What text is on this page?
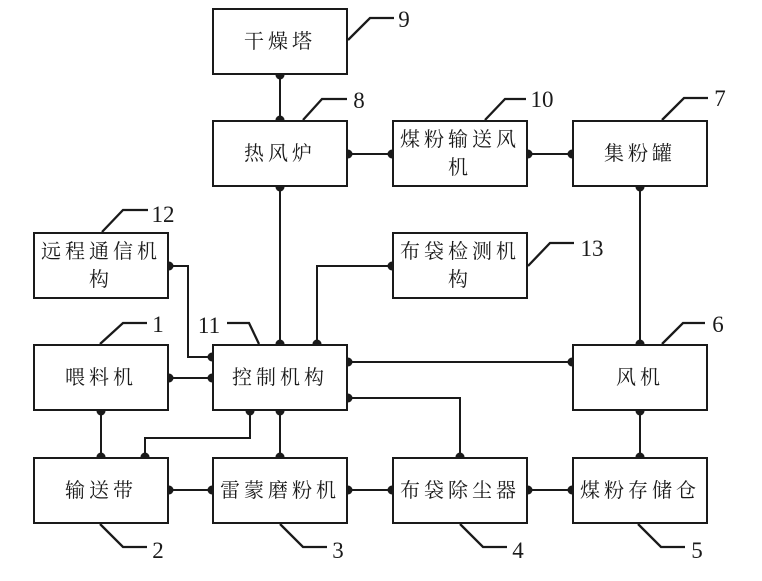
干燥塔
热风炉
煤粉输送风机
集粉罐
远程通信机构
布袋检测机构
喂料机	控制机构	风机
输送带	雷蒙磨粉机	布袋除尘器	煤粉存储仓
9
8	10	7
12
13
1 11	6
2	3	4	5
